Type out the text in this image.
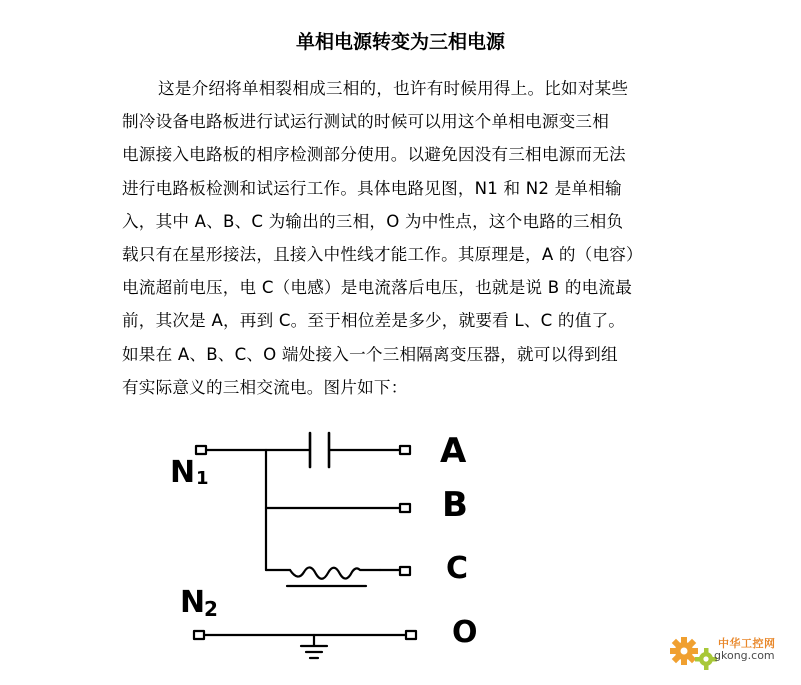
单相电源转变为三相电源
这是介绍将单相裂相成三相的，也许有时候用得上。比如对某些
制冷设备电路板进行试运行测试的时候可以用这个单相电源变三相
电源接入电路板的相序检测部分使用。以避免因没有三相电源而无法
进行电路板检测和试运行工作。具体电路见图，N1 和 N2 是单相输
入，其中 A、B、C 为输出的三相，O 为中性点，这个电路的三相负
载只有在星形接法，且接入中性线才能工作。其原理是，A 的（电容）
电流超前电压，电 C（电感）是电流落后电压，也就是说 B 的电流最
前，其次是 A，再到 C。至于相位差是多少，就要看 L、C 的值了。
如果在 A、B、C、O 端处接入一个三相隔离变压器，就可以得到组
有实际意义的三相交流电。图片如下：
N 1
N
2
A
B
C
O	中华工控网
gkong.com
